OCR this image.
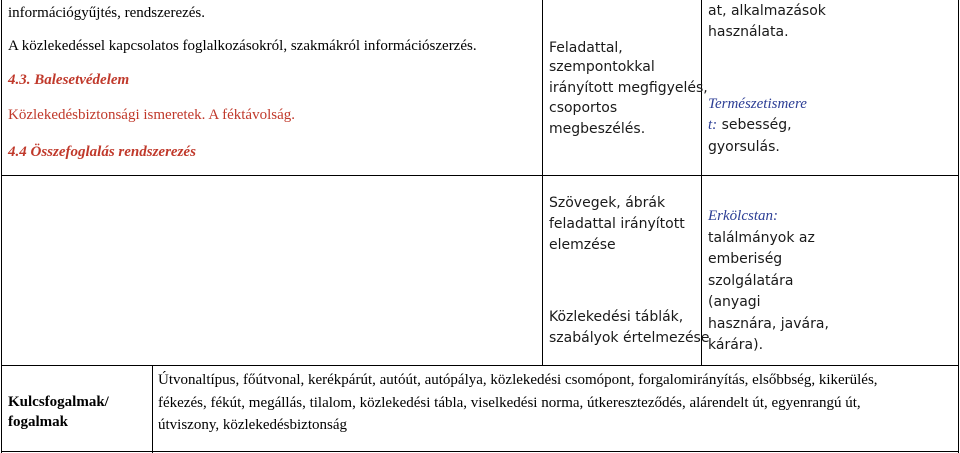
információgyűjtés, rendszerezés.
A közlekedéssel kapcsolatos foglalkozásokról, szakmákról információszerzés.
4.3. Balesetvédelem
Közlekedésbiztonsági ismeretek. A féktávolság.
4.4 Összefoglalás rendszerezés
Feladattal,
szempontokkal
irányított megfigyelés,
csoportos
megbeszélés.
at, alkalmazások
használata.
Természetismere
t: sebesség,
gyorsulás.
Szövegek, ábrák
feladattal irányított
elemzése
Közlekedési táblák,
szabályok értelmezése
Erkölcstan:
találmányok az
emberiség
szolgálatára
(anyagi
hasznára, javára,
kárára).
Kulcsfogalmak/
fogalmak
Útvonaltípus, főútvonal, kerékpárút, autóút, autópálya, közlekedési csomópont, forgalomirányítás, elsőbbség, kikerülés,
fékezés, fékút, megállás, tilalom, közlekedési tábla, viselkedési norma, útkereszteződés, alárendelt út, egyenrangú út,
útviszony, közlekedésbiztonság
